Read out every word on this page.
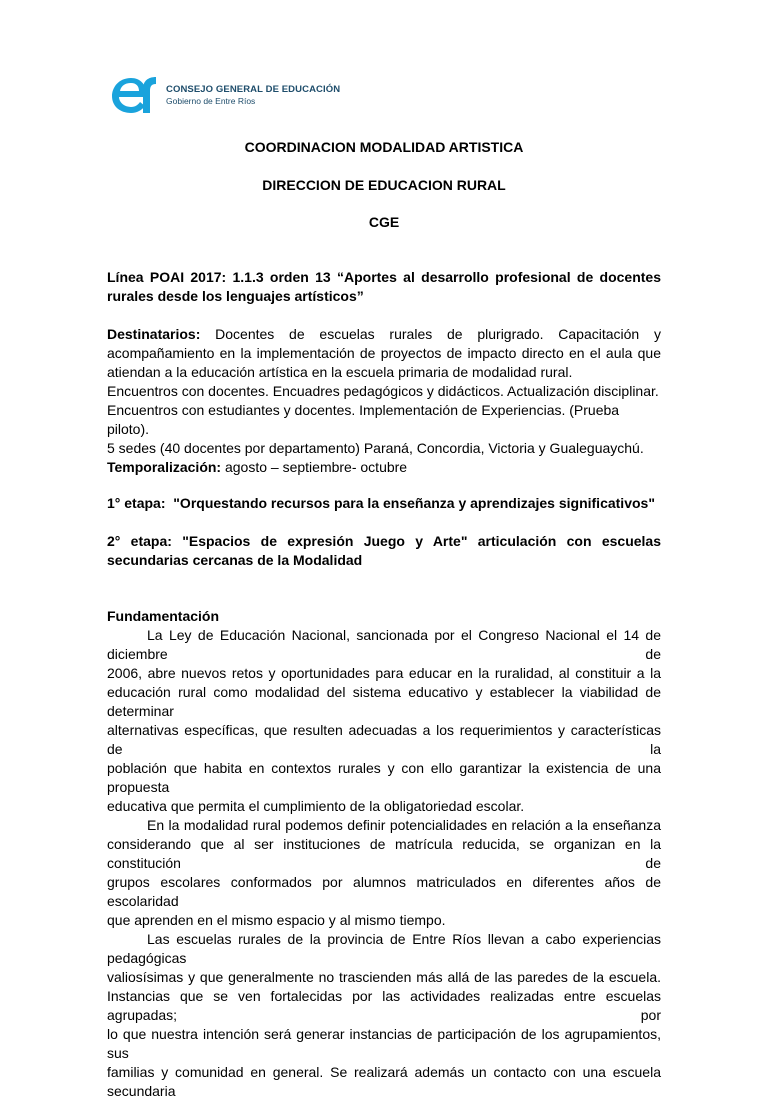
CONSEJO GENERAL DE EDUCACIÓN
Gobierno de Entre Ríos
COORDINACION MODALIDAD ARTISTICA
DIRECCION DE EDUCACION RURAL
CGE
Línea POAI 2017: 1.1.3 orden 13 “Aportes al desarrollo profesional de docentes
rurales desde los lenguajes artísticos”
Destinatarios: Docentes de escuelas rurales de plurigrado. Capacitación y
acompañamiento en la implementación de proyectos de impacto directo en el aula que
atiendan a la educación artística en la escuela primaria de modalidad rural.
Encuentros con docentes. Encuadres pedagógicos y didácticos. Actualización disciplinar.
Encuentros con estudiantes y docentes. Implementación de Experiencias. (Prueba piloto).
5 sedes (40 docentes por departamento) Paraná, Concordia, Victoria y Gualeguaychú.
Temporalización: agosto – septiembre- octubre
1° etapa:  "Orquestando recursos para la enseñanza y aprendizajes significativos"
2° etapa: "Espacios de expresión Juego y Arte" articulación con escuelas
secundarias cercanas de la Modalidad
Fundamentación
La Ley de Educación Nacional, sancionada por el Congreso Nacional el 14 de diciembre de
2006, abre nuevos retos y oportunidades para educar en la ruralidad, al constituir a la
educación rural como modalidad del sistema educativo y establecer la viabilidad de determinar
alternativas específicas, que resulten adecuadas a los requerimientos y características de la
población que habita en contextos rurales y con ello garantizar la existencia de una propuesta
educativa que permita el cumplimiento de la obligatoriedad escolar.
En la modalidad rural podemos definir potencialidades en relación a la enseñanza
considerando que al ser instituciones de matrícula reducida, se organizan en la constitución de
grupos escolares conformados por alumnos matriculados en diferentes años de escolaridad
que aprenden en el mismo espacio y al mismo tiempo.
Las escuelas rurales de la provincia de Entre Ríos llevan a cabo experiencias pedagógicas
valiosísimas y que generalmente no trascienden más allá de las paredes de la escuela.
Instancias que se ven fortalecidas por las actividades realizadas entre escuelas agrupadas; por
lo que nuestra intención será generar instancias de participación de los agrupamientos, sus
familias y comunidad en general. Se realizará además un contacto con una escuela secundaria
